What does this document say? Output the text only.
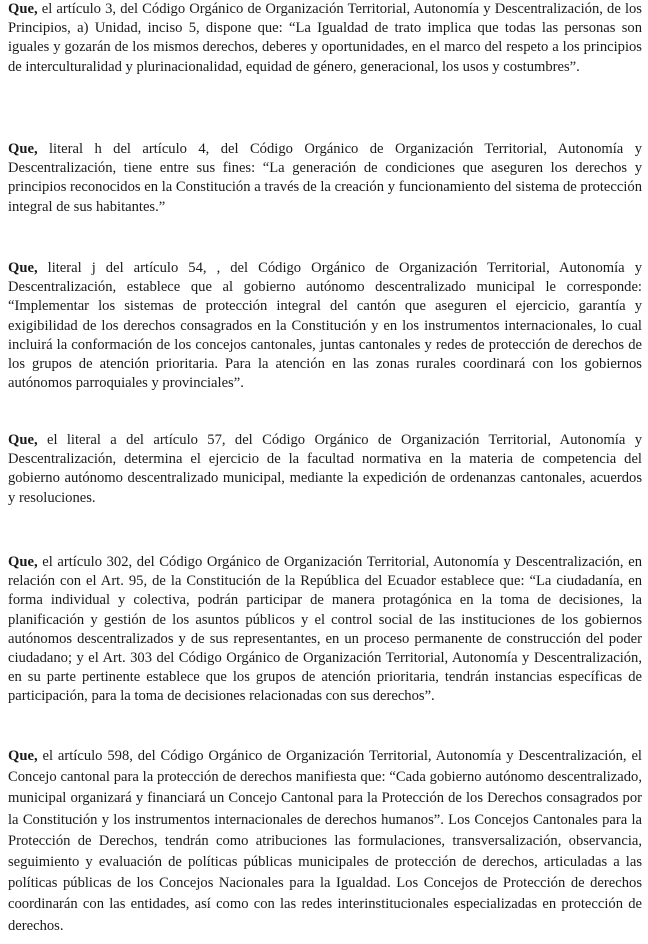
Que, el artículo 3, del Código Orgánico de Organización Territorial, Autonomía y Descentralización, de los Principios, a) Unidad, inciso 5, dispone que: “La Igualdad de trato implica que todas las personas son iguales y gozarán de los mismos derechos, deberes y oportunidades, en el marco del respeto a los principios de interculturalidad y plurinacionalidad, equidad de género, generacional, los usos y costumbres”.

Que, literal h del artículo 4, del Código Orgánico de Organización Territorial, Autonomía y Descentralización, tiene entre sus fines: “La generación de condiciones que aseguren los derechos y principios reconocidos en la Constitución a través de la creación y funcionamiento del sistema de protección integral de sus habitantes.”

Que, literal j del artículo 54, , del Código Orgánico de Organización Territorial, Autonomía y Descentralización, establece que al gobierno autónomo descentralizado municipal le corresponde: “Implementar los sistemas de protección integral del cantón que aseguren el ejercicio, garantía y exigibilidad de los derechos consagrados en la Constitución y en los instrumentos internacionales, lo cual incluirá la conformación de los concejos cantonales, juntas cantonales y redes de protección de derechos de los grupos de atención prioritaria. Para la atención en las zonas rurales coordinará con los gobiernos autónomos parroquiales y provinciales”.

Que, el literal a del artículo 57, del Código Orgánico de Organización Territorial, Autonomía y Descentralización, determina el ejercicio de la facultad normativa en la materia de competencia del gobierno autónomo descentralizado municipal, mediante la expedición de ordenanzas cantonales, acuerdos y resoluciones.

Que, el artículo 302, del Código Orgánico de Organización Territorial, Autonomía y Descentralización, en relación con el Art. 95, de la Constitución de la República del Ecuador establece que: “La ciudadanía, en forma individual y colectiva, podrán participar de manera protagónica en la toma de decisiones, la planificación y gestión de los asuntos públicos y el control social de las instituciones de los gobiernos autónomos descentralizados y de sus representantes, en un proceso permanente de construcción del poder ciudadano; y el Art. 303 del Código Orgánico de Organización Territorial, Autonomía y Descentralización, en su parte pertinente establece que los grupos de atención prioritaria, tendrán instancias específicas de participación, para la toma de decisiones relacionadas con sus derechos”.

Que, el artículo 598, del Código Orgánico de Organización Territorial, Autonomía y Descentralización, el Concejo cantonal para la protección de derechos manifiesta que: “Cada gobierno autónomo descentralizado, municipal organizará y financiará un Concejo Cantonal para la Protección de los Derechos consagrados por la Constitución y los instrumentos internacionales de derechos humanos”. Los Concejos Cantonales para la Protección de Derechos, tendrán como atribuciones las formulaciones, transversalización, observancia, seguimiento y evaluación de políticas públicas municipales de protección de derechos, articuladas a las políticas públicas de los Concejos Nacionales para la Igualdad. Los Concejos de Protección de derechos coordinarán con las entidades, así como con las redes interinstitucionales especializadas en protección de derechos.
